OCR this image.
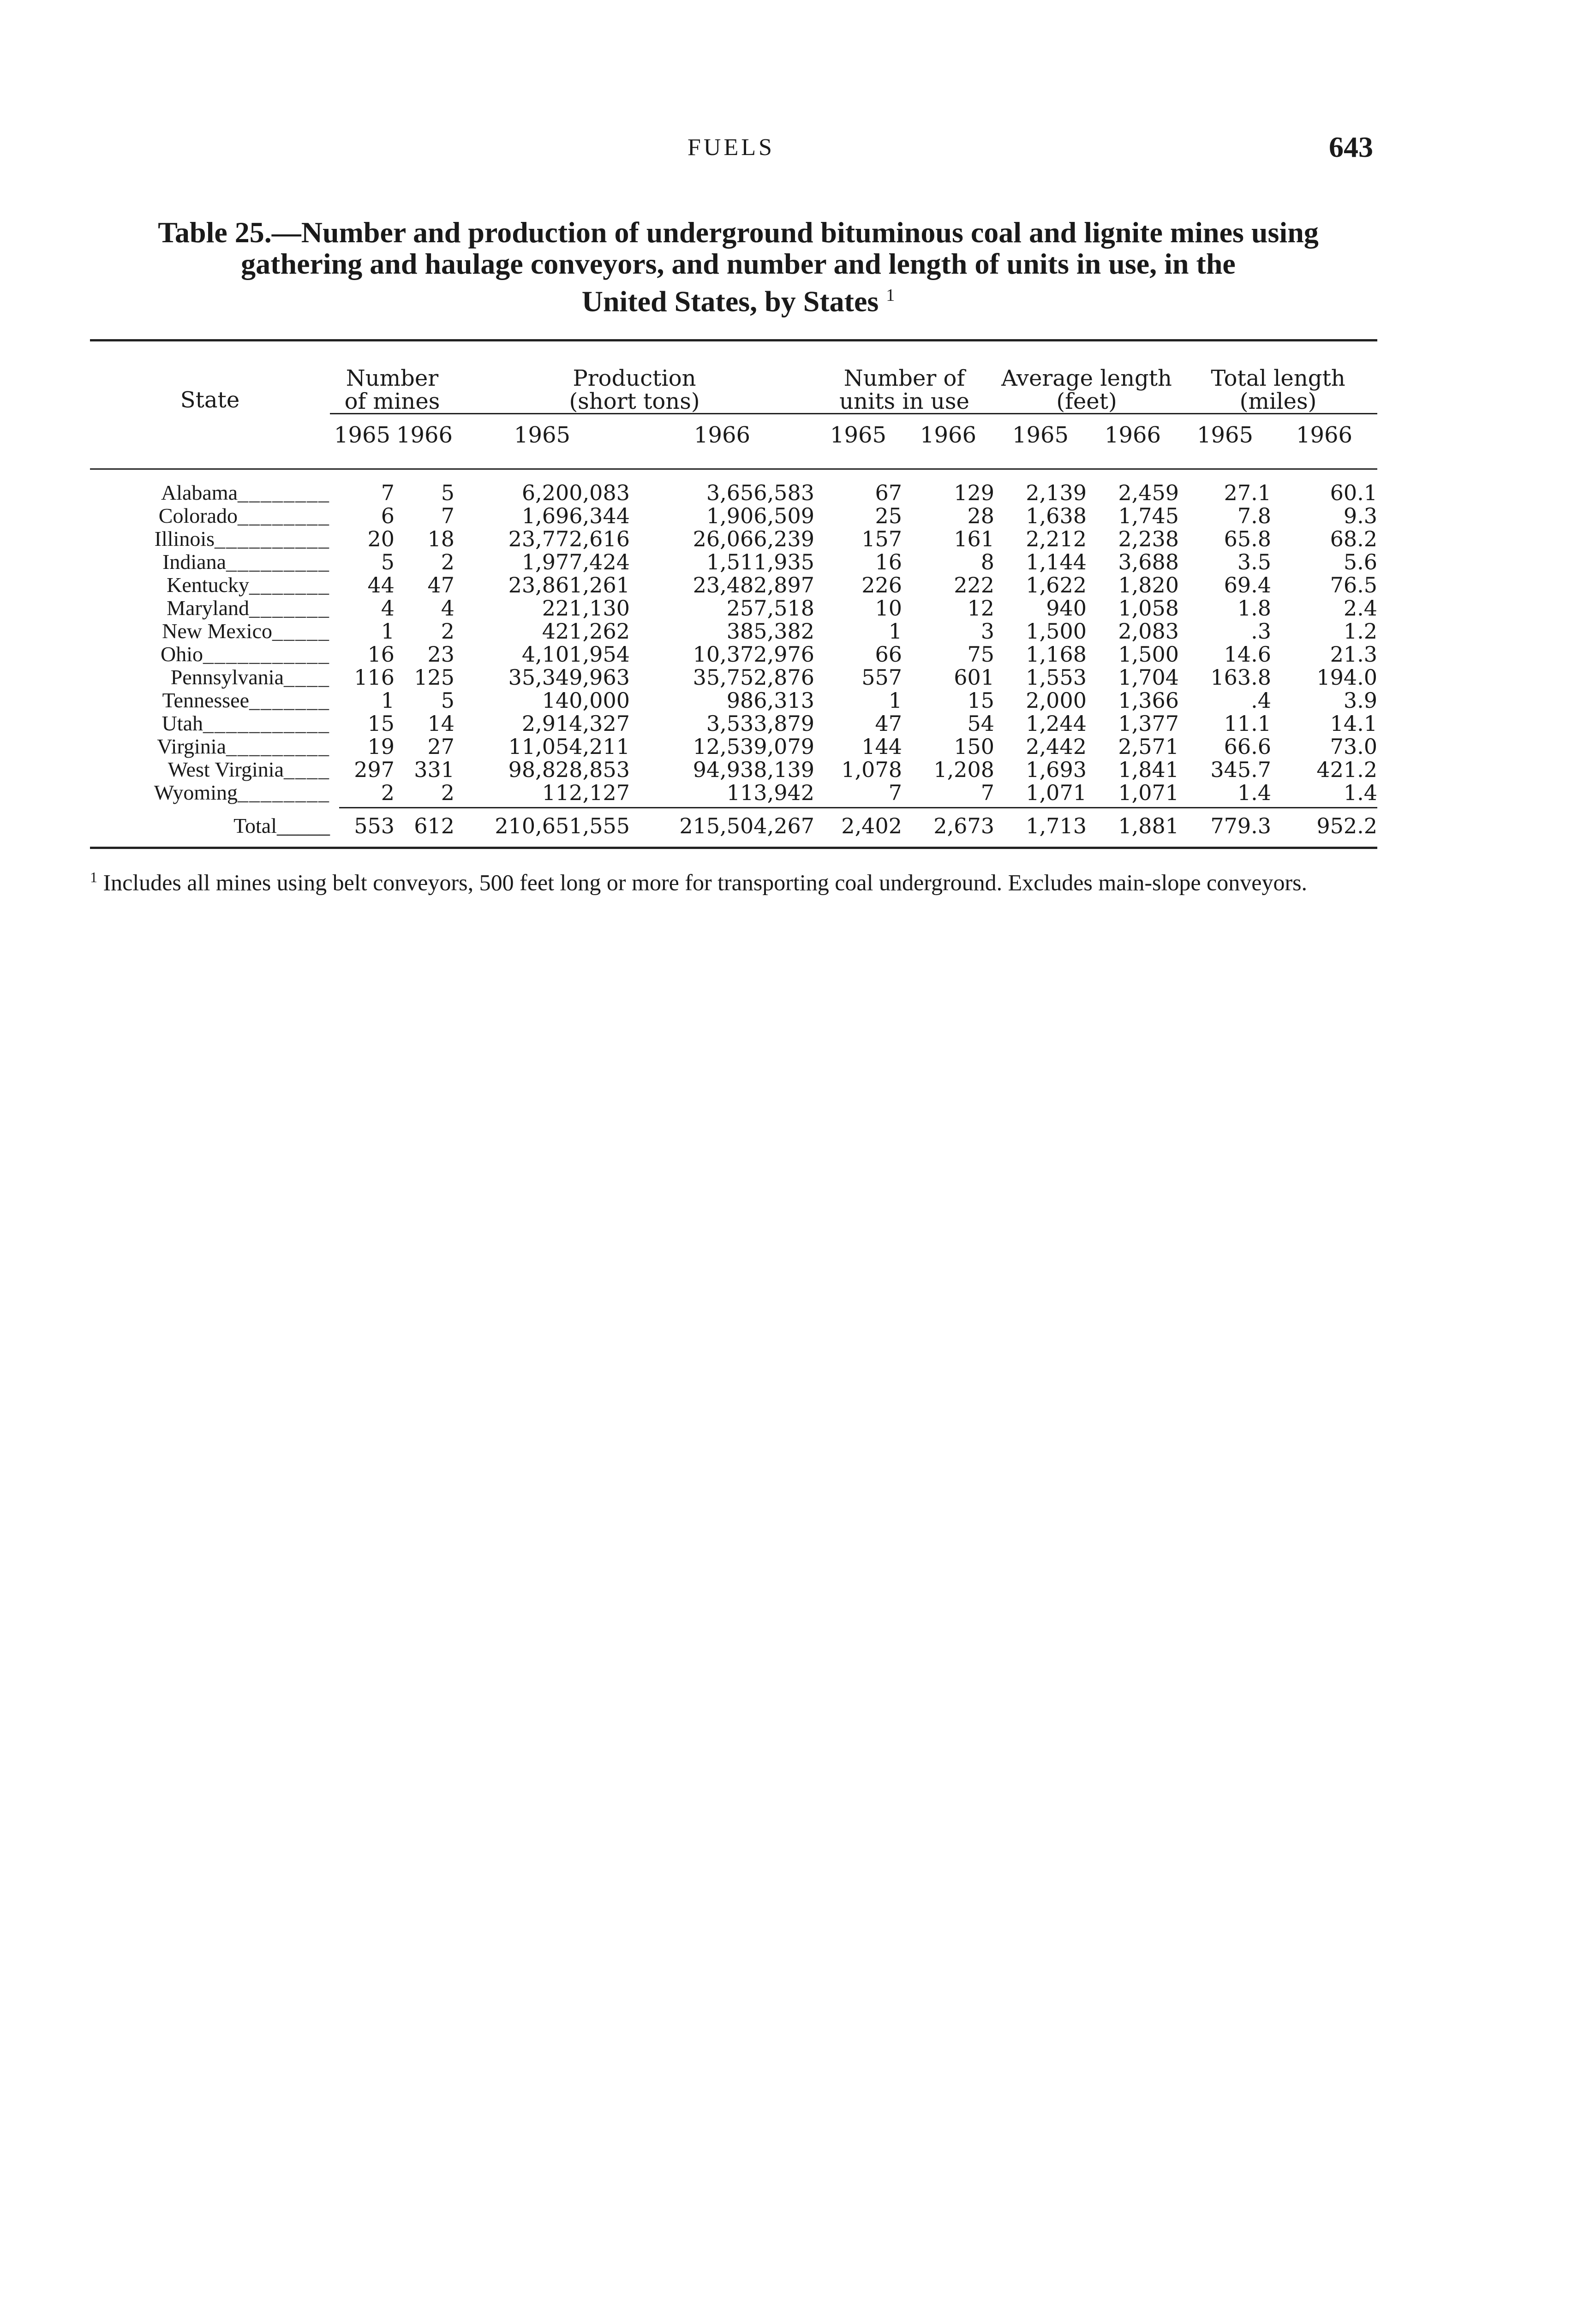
FUELS	643
Table 25.—Number and production of underground bituminous coal and lignite mines using
gathering and haulage conveyors, and number and length of units in use, in the
United States, by States $^1$
State	Number
of mines		Production
(short tons)		Number of
units in use		Average length
(feet)		Total length
(miles)	

	1965	1966	1965	1966	1965	1966	1965	1966	1965	1966

Alabama________	7	5	6,200,083	3,656,583	67	129	2,139	2,459	27.1	60.1
Colorado________	6	7	1,696,344	1,906,509	25	28	1,638	1,745	7.8	9.3
Illinois__________	20	18	23,772,616	26,066,239	157	161	2,212	2,238	65.8	68.2
Indiana_________	5	2	1,977,424	1,511,935	16	8	1,144	3,688	3.5	5.6
Kentucky_______	44	47	23,861,261	23,482,897	226	222	1,622	1,820	69.4	76.5
Maryland_______	4	4	221,130	257,518	10	12	940	1,058	1.8	2.4
New Mexico_____	1	2	421,262	385,382	1	3	1,500	2,083	.3	1.2
Ohio___________	16	23	4,101,954	10,372,976	66	75	1,168	1,500	14.6	21.3
Pennsylvania____	116	125	35,349,963	35,752,876	557	601	1,553	1,704	163.8	194.0
Tennessee_______	1	5	140,000	986,313	1	15	2,000	1,366	.4	3.9
Utah___________	15	14	2,914,327	3,533,879	47	54	1,244	1,377	11.1	14.1
Virginia_________	19	27	11,054,211	12,539,079	144	150	2,442	2,571	66.6	73.0
West Virginia____	297	331	98,828,853	94,938,139	1,078	1,208	1,693	1,841	345.7	421.2
Wyoming________	2	2	112,127	113,942	7	7	1,071	1,071	1.4	1.4
Total_____	553	612	210,651,555	215,504,267	2,402	2,673	1,713	1,881	779.3	952.2
$^1$ Includes all mines using belt conveyors, 500 feet long or more for transporting coal underground. Excludes main-slope conveyors.
